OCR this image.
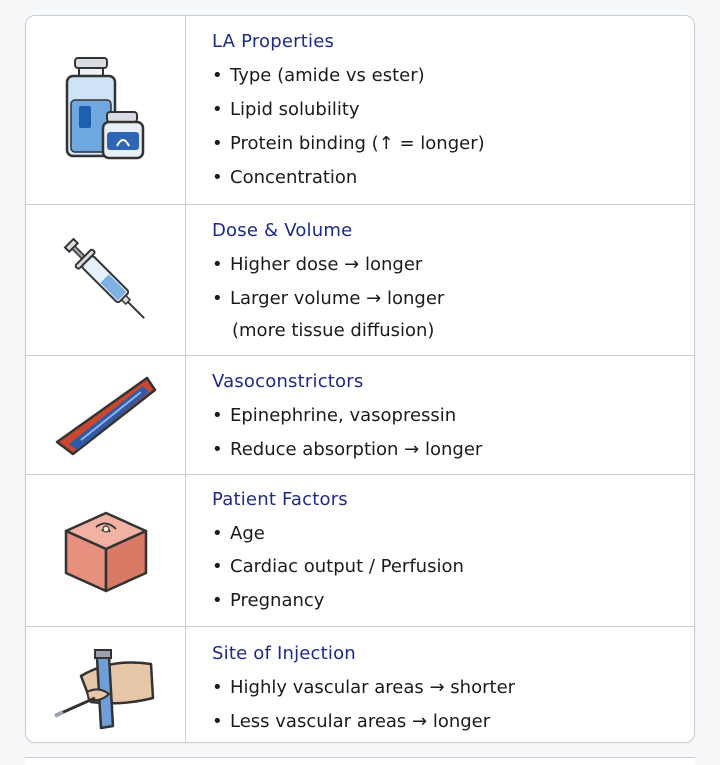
LA Properties
• Type (amide vs ester)
• Lipid solubility
• Protein binding (↑ = longer)
• Concentration
Dose & Volume
• Higher dose → longer
• Larger volume → longer
(more tissue diffusion)
Vasoconstrictors
• Epinephrine, vasopressin
• Reduce absorption → longer
Patient Factors
• Age
• Cardiac output / Perfusion
• Pregnancy
Site of Injection
• Highly vascular areas → shorter
• Less vascular areas → longer
